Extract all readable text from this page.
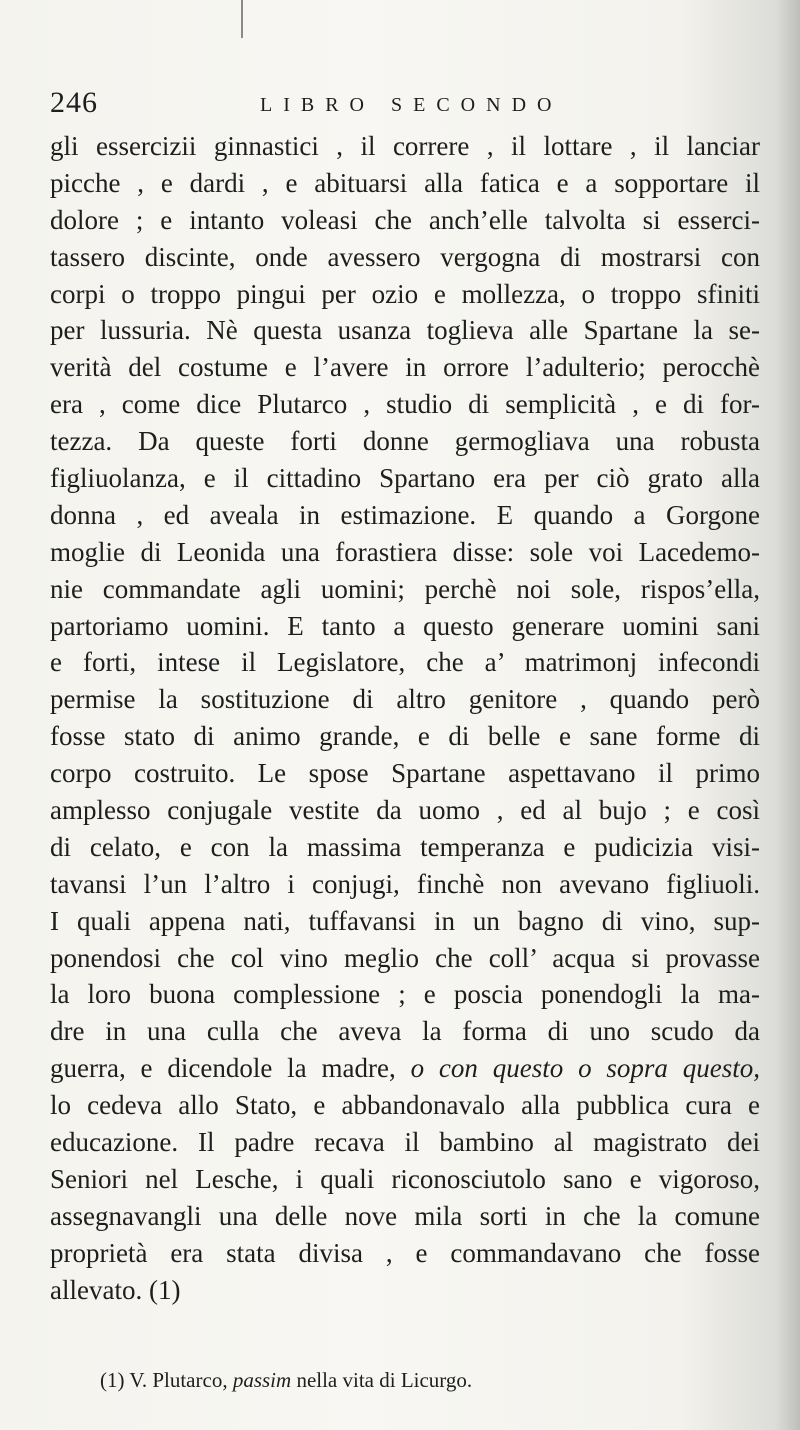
246	LIBRO SECONDO
gli essercizii ginnastici , il correre , il lottare , il lanciar
picche , e dardi , e abituarsi alla fatica e a sopportare il
dolore ; e intanto voleasi che anch’elle talvolta si esserci-
tassero discinte, onde avessero vergogna di mostrarsi con
corpi o troppo pingui per ozio e mollezza, o troppo sfiniti
per lussuria. Nè questa usanza toglieva alle Spartane la se-
verità del costume e l’avere in orrore l’adulterio; perocchè
era , come dice Plutarco , studio di semplicità , e di for-
tezza. Da queste forti donne germogliava una robusta
figliuolanza, e il cittadino Spartano era per ciò grato alla
donna , ed aveala in estimazione. E quando a Gorgone
moglie di Leonida una forastiera disse: sole voi Lacedemo-
nie commandate agli uomini; perchè noi sole, rispos’ella,
partoriamo uomini. E tanto a questo generare uomini sani
e forti, intese il Legislatore, che a’ matrimonj infecondi
permise la sostituzione di altro genitore , quando però
fosse stato di animo grande, e di belle e sane forme di
corpo costruito. Le spose Spartane aspettavano il primo
amplesso conjugale vestite da uomo , ed al bujo ; e così
di celato, e con la massima temperanza e pudicizia visi-
tavansi l’un l’altro i conjugi, finchè non avevano figliuoli.
I quali appena nati, tuffavansi in un bagno di vino, sup-
ponendosi che col vino meglio che coll’ acqua si provasse
la loro buona complessione ; e poscia ponendogli la ma-
dre in una culla che aveva la forma di uno scudo da
guerra, e dicendole la madre, o con questo o sopra questo,
lo cedeva allo Stato, e abbandonavalo alla pubblica cura e
educazione. Il padre recava il bambino al magistrato dei
Seniori nel Lesche, i quali riconosciutolo sano e vigoroso,
assegnavangli una delle nove mila sorti in che la comune
proprietà era stata divisa , e commandavano che fosse
allevato. (1)
(1) V. Plutarco, passim nella vita di Licurgo.
